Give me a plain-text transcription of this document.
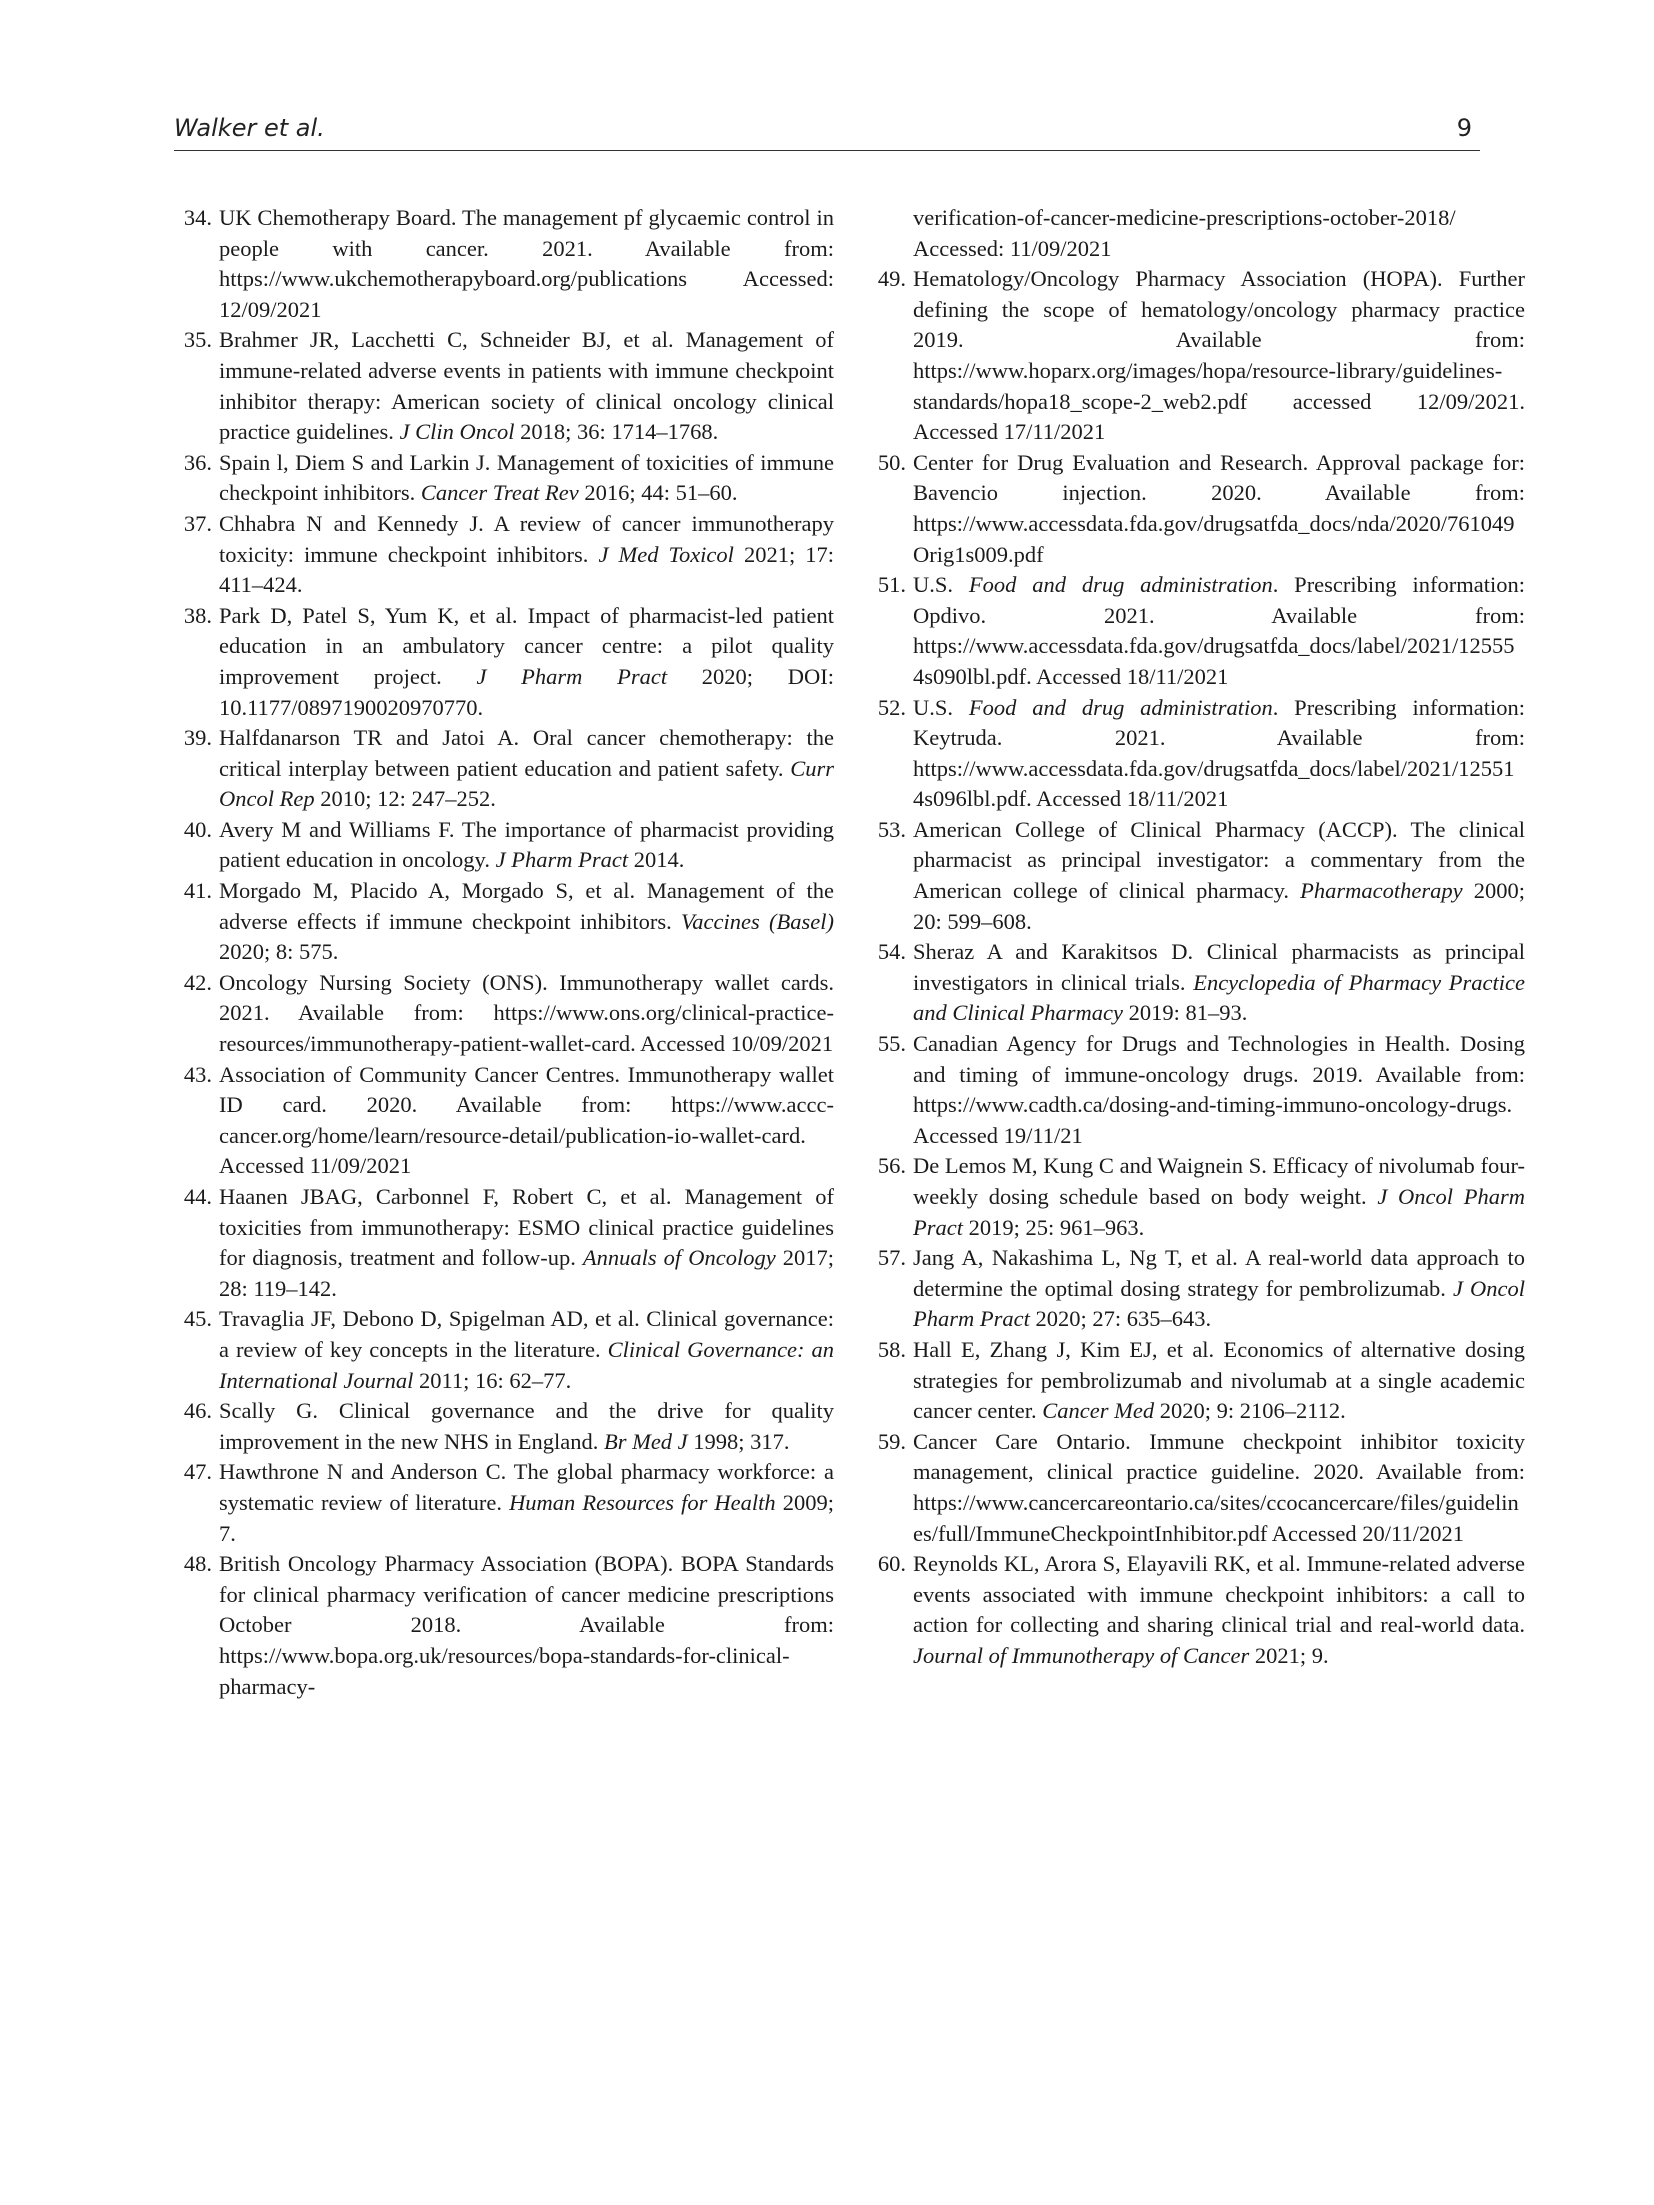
Walker et al.	9
34. UK Chemotherapy Board. The management pf glycaemic control in people with cancer. 2021. Available from: https://www.ukchemotherapyboard.org/publications Accessed: 12/09/2021
35. Brahmer JR, Lacchetti C, Schneider BJ, et al. Management of immune-related adverse events in patients with immune checkpoint inhibitor therapy: American society of clinical oncology clinical practice guidelines. J Clin Oncol 2018; 36: 1714–1768.
36. Spain l, Diem S and Larkin J. Management of toxicities of immune checkpoint inhibitors. Cancer Treat Rev 2016; 44: 51–60.
37. Chhabra N and Kennedy J. A review of cancer immunotherapy toxicity: immune checkpoint inhibitors. J Med Toxicol 2021; 17: 411–424.
38. Park D, Patel S, Yum K, et al. Impact of pharmacist-led patient education in an ambulatory cancer centre: a pilot quality improvement project. J Pharm Pract 2020; DOI: 10.1177/0897190020970770.
39. Halfdanarson TR and Jatoi A. Oral cancer chemotherapy: the critical interplay between patient education and patient safety. Curr Oncol Rep 2010; 12: 247–252.
40. Avery M and Williams F. The importance of pharmacist providing patient education in oncology. J Pharm Pract 2014.
41. Morgado M, Placido A, Morgado S, et al. Management of the adverse effects if immune checkpoint inhibitors. Vaccines (Basel) 2020; 8: 575.
42. Oncology Nursing Society (ONS). Immunotherapy wallet cards. 2021. Available from: https://www.ons.org/clinical-practice-resources/immunotherapy-patient-wallet-card. Accessed 10/09/2021
43. Association of Community Cancer Centres. Immunotherapy wallet ID card. 2020. Available from: https://www.accc-cancer.org/home/learn/resource-detail/publication-io-wallet-card. Accessed 11/09/2021
44. Haanen JBAG, Carbonnel F, Robert C, et al. Management of toxicities from immunotherapy: ESMO clinical practice guidelines for diagnosis, treatment and follow-up. Annuals of Oncology 2017; 28: 119–142.
45. Travaglia JF, Debono D, Spigelman AD, et al. Clinical governance: a review of key concepts in the literature. Clinical Governance: an International Journal 2011; 16: 62–77.
46. Scally G. Clinical governance and the drive for quality improvement in the new NHS in England. Br Med J 1998; 317.
47. Hawthrone N and Anderson C. The global pharmacy workforce: a systematic review of literature. Human Resources for Health 2009; 7.
48. British Oncology Pharmacy Association (BOPA). BOPA Standards for clinical pharmacy verification of cancer medicine prescriptions October 2018. Available from: https://www.bopa.org.uk/resources/bopa-standards-for-clinical-pharmacy-
verification-of-cancer-medicine-prescriptions-october-2018/ Accessed: 11/09/2021
49. Hematology/Oncology Pharmacy Association (HOPA). Further defining the scope of hematology/oncology pharmacy practice 2019. Available from: https://www.hoparx.org/images/hopa/resource-library/guidelines-standards/hopa18_scope-2_web2.pdf accessed 12/09/2021. Accessed 17/11/2021
50. Center for Drug Evaluation and Research. Approval package for: Bavencio injection. 2020. Available from: https://www.accessdata.fda.gov/drugsatfda_docs/nda/2020/761049Orig1s009.pdf
51. U.S. Food and drug administration. Prescribing information: Opdivo. 2021. Available from: https://www.accessdata.fda.gov/drugsatfda_docs/label/2021/125554s090lbl.pdf. Accessed 18/11/2021
52. U.S. Food and drug administration. Prescribing information: Keytruda. 2021. Available from: https://www.accessdata.fda.gov/drugsatfda_docs/label/2021/125514s096lbl.pdf. Accessed 18/11/2021
53. American College of Clinical Pharmacy (ACCP). The clinical pharmacist as principal investigator: a commentary from the American college of clinical pharmacy. Pharmacotherapy 2000; 20: 599–608.
54. Sheraz A and Karakitsos D. Clinical pharmacists as principal investigators in clinical trials. Encyclopedia of Pharmacy Practice and Clinical Pharmacy 2019: 81–93.
55. Canadian Agency for Drugs and Technologies in Health. Dosing and timing of immune-oncology drugs. 2019. Available from: https://www.cadth.ca/dosing-and-timing-immuno-oncology-drugs. Accessed 19/11/21
56. De Lemos M, Kung C and Waignein S. Efficacy of nivolumab four-weekly dosing schedule based on body weight. J Oncol Pharm Pract 2019; 25: 961–963.
57. Jang A, Nakashima L, Ng T, et al. A real-world data approach to determine the optimal dosing strategy for pembrolizumab. J Oncol Pharm Pract 2020; 27: 635–643.
58. Hall E, Zhang J, Kim EJ, et al. Economics of alternative dosing strategies for pembrolizumab and nivolumab at a single academic cancer center. Cancer Med 2020; 9: 2106–2112.
59. Cancer Care Ontario. Immune checkpoint inhibitor toxicity management, clinical practice guideline. 2020. Available from: https://www.cancercareontario.ca/sites/ccocancercare/files/guidelines/full/ImmuneCheckpointInhibitor.pdf Accessed 20/11/2021
60. Reynolds KL, Arora S, Elayavili RK, et al. Immune-related adverse events associated with immune checkpoint inhibitors: a call to action for collecting and sharing clinical trial and real-world data. Journal of Immunotherapy of Cancer 2021; 9.
